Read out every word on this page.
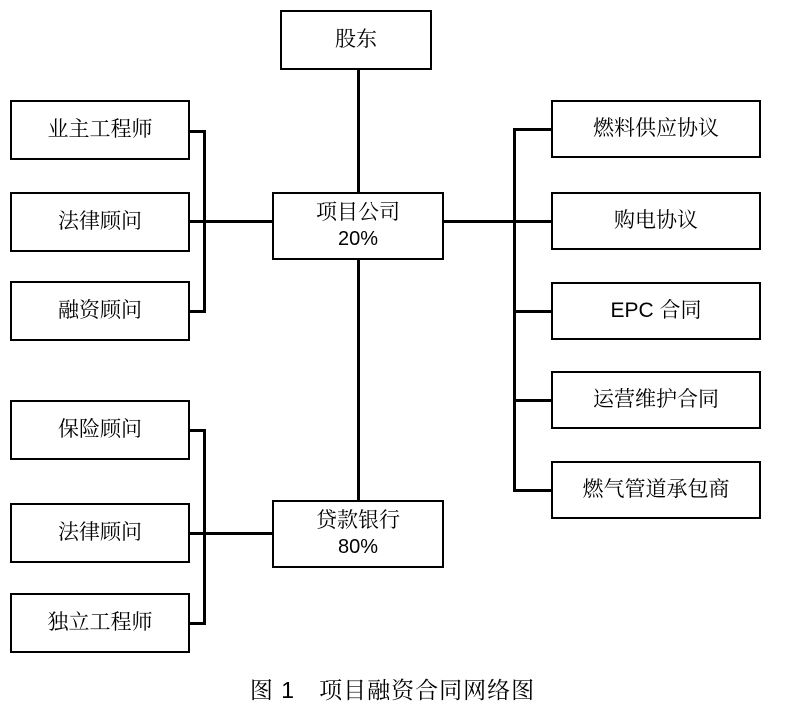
股东
业主工程师
法律顾问
融资顾问
项目公司
20%
燃料供应协议
购电协议
EPC 合同
运营维护合同
燃气管道承包商
保险顾问
法律顾问
独立工程师
贷款银行
80%
图 1　项目融资合同网络图
